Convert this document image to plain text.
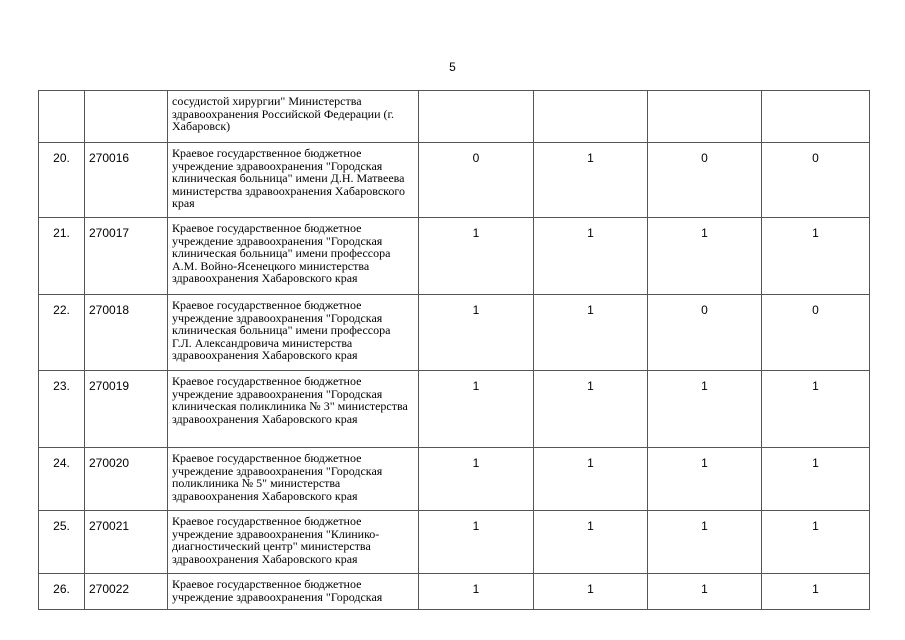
5
		сосудистой хирургии" Министерства здравоохранения Российской Федерации (г. Хабаровск)				
20.	270016	Краевое государственное бюджетное учреждение здравоохранения "Городская клиническая больница" имени Д.Н. Матвеева министерства здравоохранения Хабаровского края	0	1	0	0
21.	270017	Краевое государственное бюджетное учреждение здравоохранения "Городская клиническая больница" имени профессора А.М. Войно-Ясенецкого министерства здравоохранения Хабаровского края	1	1	1	1
22.	270018	Краевое государственное бюджетное учреждение здравоохранения "Городская клиническая больница" имени профессора Г.Л. Александровича министерства здравоохранения Хабаровского края	1	1	0	0
23.	270019	Краевое государственное бюджетное учреждение здравоохранения "Городская клиническая поликлиника № 3" министерства здравоохранения Хабаровского края	1	1	1	1
24.	270020	Краевое государственное бюджетное учреждение здравоохранения "Городская поликлиника № 5" министерства здравоохранения Хабаровского края	1	1	1	1
25.	270021	Краевое государственное бюджетное учреждение здравоохранения "Клинико-диагностический центр" министерства здравоохранения Хабаровского края	1	1	1	1
26.	270022	Краевое государственное бюджетное учреждение здравоохранения "Городская	1	1	1	1
